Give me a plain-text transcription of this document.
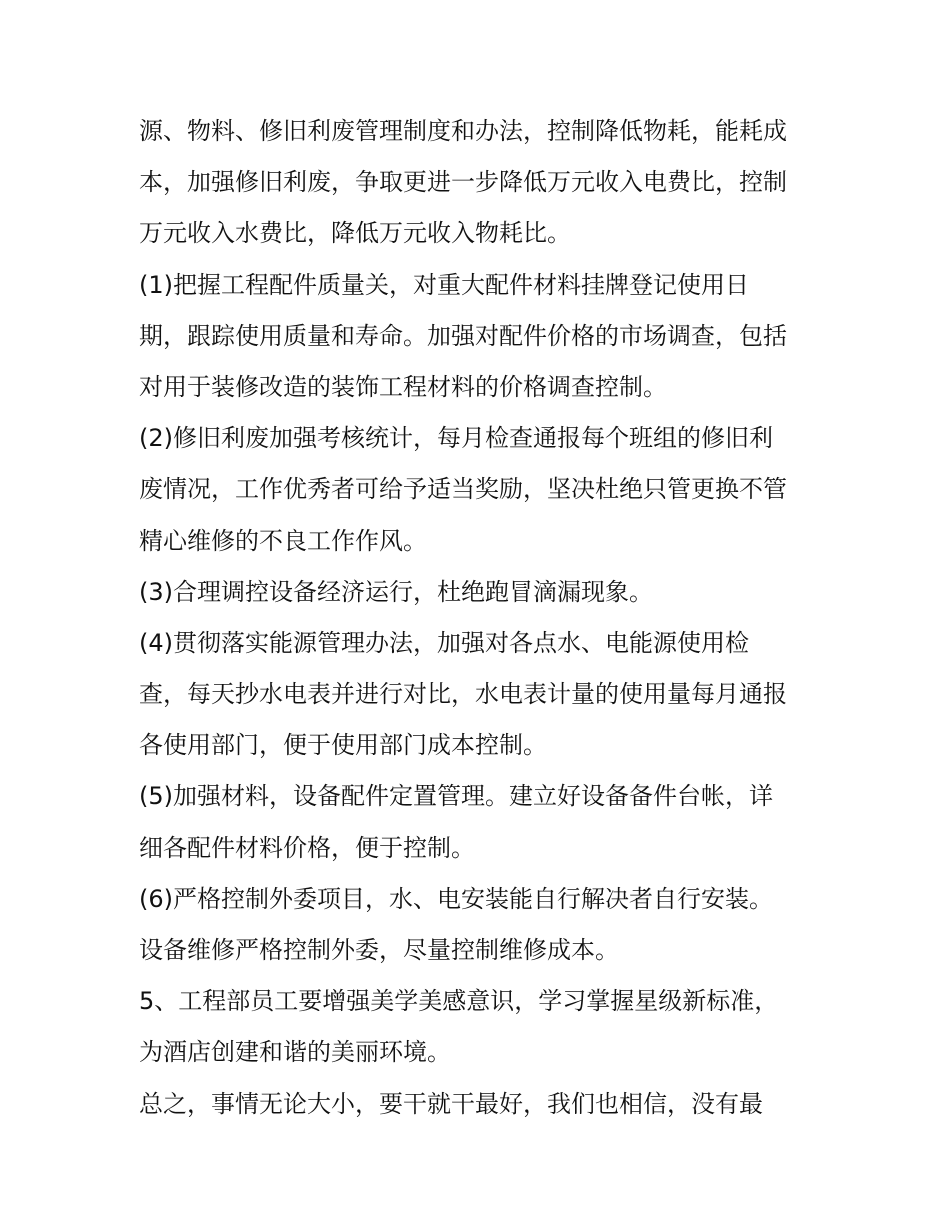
源、物料、修旧利废管理制度和办法，控制降低物耗，能耗成
本，加强修旧利废，争取更进一步降低万元收入电费比，控制
万元收入水费比，降低万元收入物耗比。
(1)把握工程配件质量关，对重大配件材料挂牌登记使用日
期，跟踪使用质量和寿命。加强对配件价格的市场调查，包括
对用于装修改造的装饰工程材料的价格调查控制。
(2)修旧利废加强考核统计，每月检查通报每个班组的修旧利
废情况，工作优秀者可给予适当奖励，坚决杜绝只管更换不管
精心维修的不良工作作风。
(3)合理调控设备经济运行，杜绝跑冒滴漏现象。
(4)贯彻落实能源管理办法，加强对各点水、电能源使用检
查，每天抄水电表并进行对比，水电表计量的使用量每月通报
各使用部门，便于使用部门成本控制。
(5)加强材料，设备配件定置管理。建立好设备备件台帐，详
细各配件材料价格，便于控制。
(6)严格控制外委项目，水、电安装能自行解决者自行安装。
设备维修严格控制外委，尽量控制维修成本。
5、工程部员工要增强美学美感意识，学习掌握星级新标准，
为酒店创建和谐的美丽环境。
总之，事情无论大小，要干就干最好，我们也相信，没有最
